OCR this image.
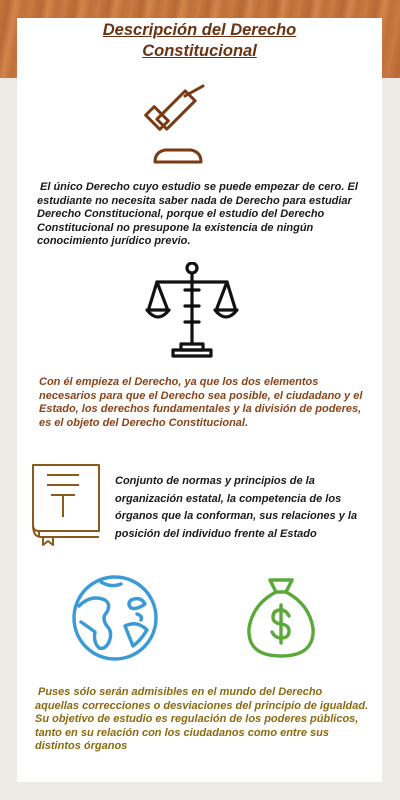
Descripción del Derecho
Constitucional

El único Derecho cuyo estudio se puede empezar de cero. El estudiante no necesita saber nada de Derecho para estudiar Derecho Constitucional, porque el estudio del Derecho Constitucional no presupone la existencia de ningún conocimiento jurídico previo.

Con él empieza el Derecho, ya que los dos elementos necesarios para que el Derecho sea posible, el ciudadano y el Estado, los derechos fundamentales y la división de poderes, es el objeto del Derecho Constitucional.

Conjunto de normas y principios de la organización estatal, la competencia de los órganos que la conforman, sus relaciones y la posición del individuo frente al Estado

Puses sólo serán admisibles en el mundo del Derecho aquellas correcciones o desviaciones del principio de igualdad. Su objetivo de estudio es regulación de los poderes públicos, tanto en su relación con los ciudadanos como entre sus distintos órganos
